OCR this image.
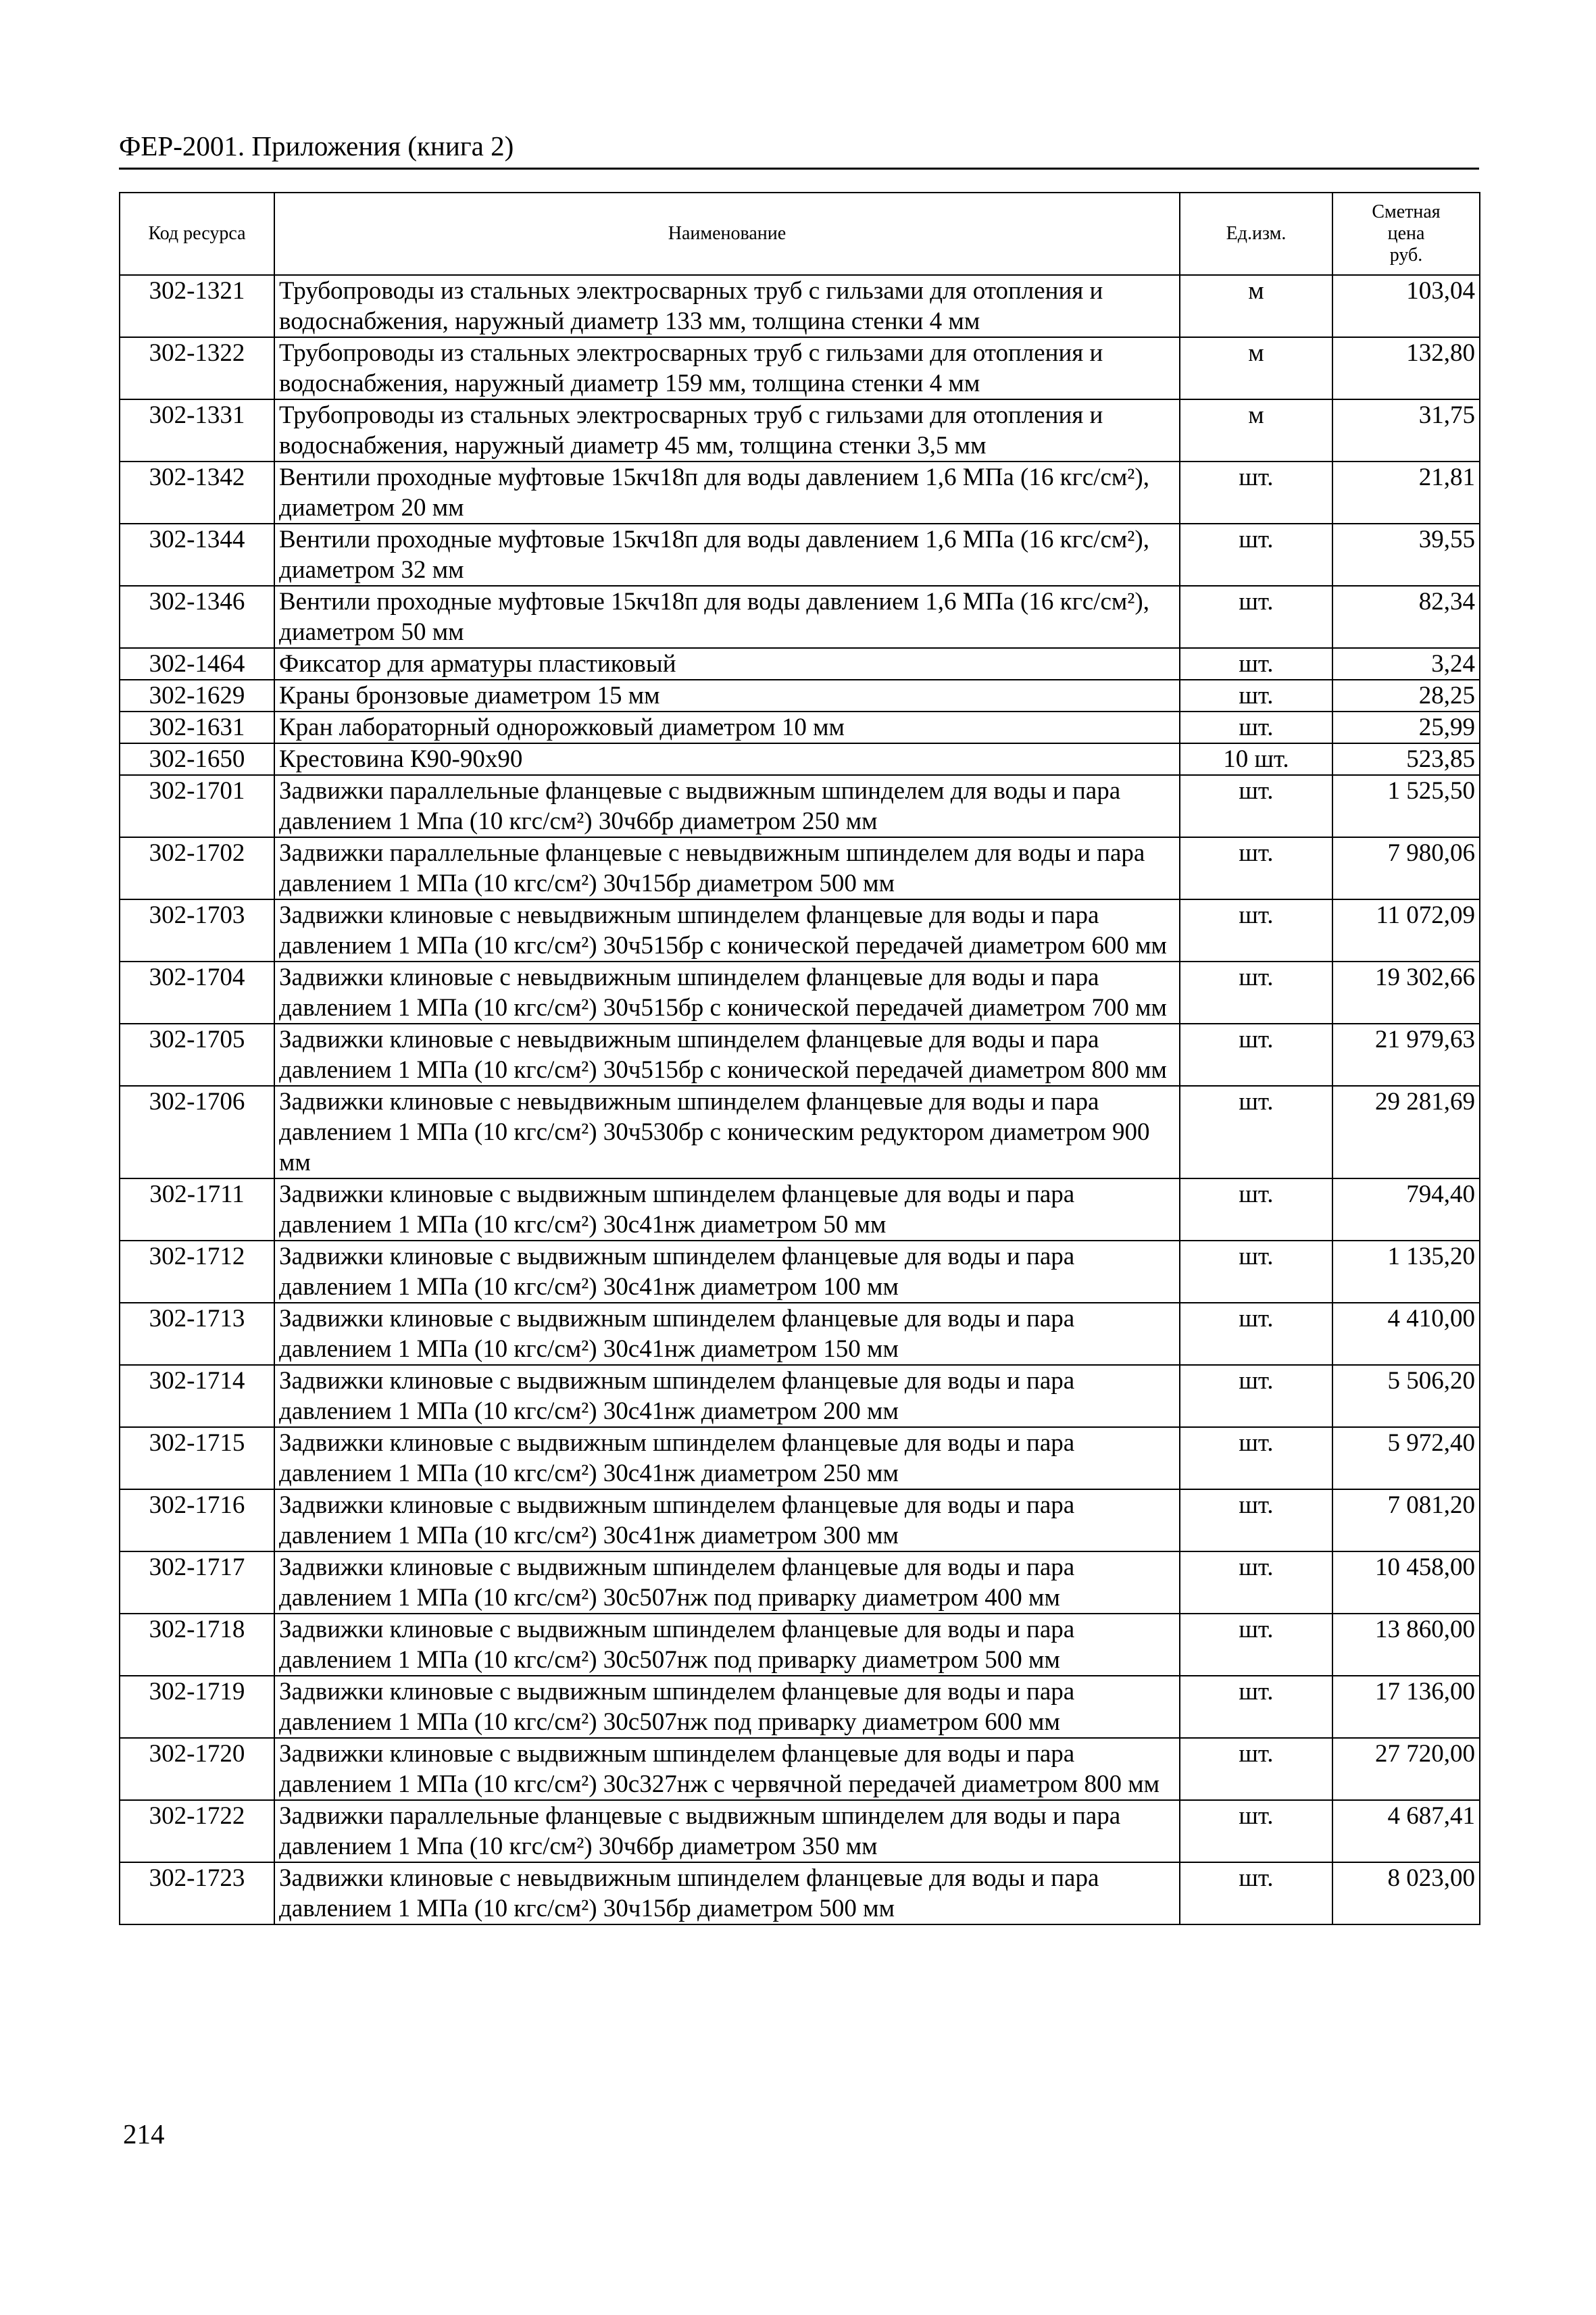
ФЕР-2001. Приложения (книга 2)
Код ресурса	Наименование	Ед.изм.	Сметная
цена
руб.

302-1321	Трубопроводы из стальных электросварных труб с гильзами для отопления и водоснабжения, наружный диаметр 133 мм, толщина стенки 4 мм	м	103,04
302-1322	Трубопроводы из стальных электросварных труб с гильзами для отопления и водоснабжения, наружный диаметр 159 мм, толщина стенки 4 мм	м	132,80
302-1331	Трубопроводы из стальных электросварных труб с гильзами для отопления и водоснабжения, наружный диаметр 45 мм, толщина стенки 3,5 мм	м	31,75
302-1342	Вентили проходные муфтовые 15кч18п для воды давлением 1,6 МПа (16 кгс/см²), диаметром 20 мм	шт.	21,81
302-1344	Вентили проходные муфтовые 15кч18п для воды давлением 1,6 МПа (16 кгс/см²), диаметром 32 мм	шт.	39,55
302-1346	Вентили проходные муфтовые 15кч18п для воды давлением 1,6 МПа (16 кгс/см²), диаметром 50 мм	шт.	82,34
302-1464	Фиксатор для арматуры пластиковый	шт.	3,24
302-1629	Краны бронзовые диаметром 15 мм	шт.	28,25
302-1631	Кран лабораторный однорожковый диаметром 10 мм	шт.	25,99
302-1650	Крестовина К90-90х90	10 шт.	523,85
302-1701	Задвижки параллельные фланцевые с выдвижным шпинделем для воды и пара давлением 1 Мпа (10 кгс/см²) 30ч6бр диаметром 250 мм	шт.	1 525,50
302-1702	Задвижки параллельные фланцевые с невыдвижным шпинделем для воды и пара давлением 1 МПа (10 кгс/см²) 30ч15бр диаметром 500 мм	шт.	7 980,06
302-1703	Задвижки клиновые с невыдвижным шпинделем фланцевые для воды и пара давлением 1 МПа (10 кгс/см²) 30ч515бр с конической передачей диаметром 600 мм	шт.	11 072,09
302-1704	Задвижки клиновые с невыдвижным шпинделем фланцевые для воды и пара давлением 1 МПа (10 кгс/см²) 30ч515бр с конической передачей диаметром 700 мм	шт.	19 302,66
302-1705	Задвижки клиновые с невыдвижным шпинделем фланцевые для воды и пара давлением 1 МПа (10 кгс/см²) 30ч515бр с конической передачей диаметром 800 мм	шт.	21 979,63
302-1706	Задвижки клиновые с невыдвижным шпинделем фланцевые для воды и пара давлением 1 МПа (10 кгс/см²) 30ч530бр с коническим редуктором диаметром 900 мм	шт.	29 281,69
302-1711	Задвижки клиновые с выдвижным шпинделем фланцевые для воды и пара давлением 1 МПа (10 кгс/см²) 30с41нж диаметром 50 мм	шт.	794,40
302-1712	Задвижки клиновые с выдвижным шпинделем фланцевые для воды и пара давлением 1 МПа (10 кгс/см²) 30с41нж диаметром 100 мм	шт.	1 135,20
302-1713	Задвижки клиновые с выдвижным шпинделем фланцевые для воды и пара давлением 1 МПа (10 кгс/см²) 30с41нж диаметром 150 мм	шт.	4 410,00
302-1714	Задвижки клиновые с выдвижным шпинделем фланцевые для воды и пара давлением 1 МПа (10 кгс/см²) 30с41нж диаметром 200 мм	шт.	5 506,20
302-1715	Задвижки клиновые с выдвижным шпинделем фланцевые для воды и пара давлением 1 МПа (10 кгс/см²) 30с41нж диаметром 250 мм	шт.	5 972,40
302-1716	Задвижки клиновые с выдвижным шпинделем фланцевые для воды и пара давлением 1 МПа (10 кгс/см²) 30с41нж диаметром 300 мм	шт.	7 081,20
302-1717	Задвижки клиновые с выдвижным шпинделем фланцевые для воды и пара давлением 1 МПа (10 кгс/см²) 30с507нж под приварку диаметром 400 мм	шт.	10 458,00
302-1718	Задвижки клиновые с выдвижным шпинделем фланцевые для воды и пара давлением 1 МПа (10 кгс/см²) 30с507нж под приварку диаметром 500 мм	шт.	13 860,00
302-1719	Задвижки клиновые с выдвижным шпинделем фланцевые для воды и пара давлением 1 МПа (10 кгс/см²) 30с507нж под приварку диаметром 600 мм	шт.	17 136,00
302-1720	Задвижки клиновые с выдвижным шпинделем фланцевые для воды и пара давлением 1 МПа (10 кгс/см²) 30с327нж с червячной передачей диаметром 800 мм	шт.	27 720,00
302-1722	Задвижки параллельные фланцевые с выдвижным шпинделем для воды и пара давлением 1 Мпа (10 кгс/см²) 30ч6бр диаметром 350 мм	шт.	4 687,41
302-1723	Задвижки клиновые с невыдвижным шпинделем фланцевые для воды и пара давлением 1 МПа (10 кгс/см²) 30ч15бр диаметром 500 мм	шт.	8 023,00
214
